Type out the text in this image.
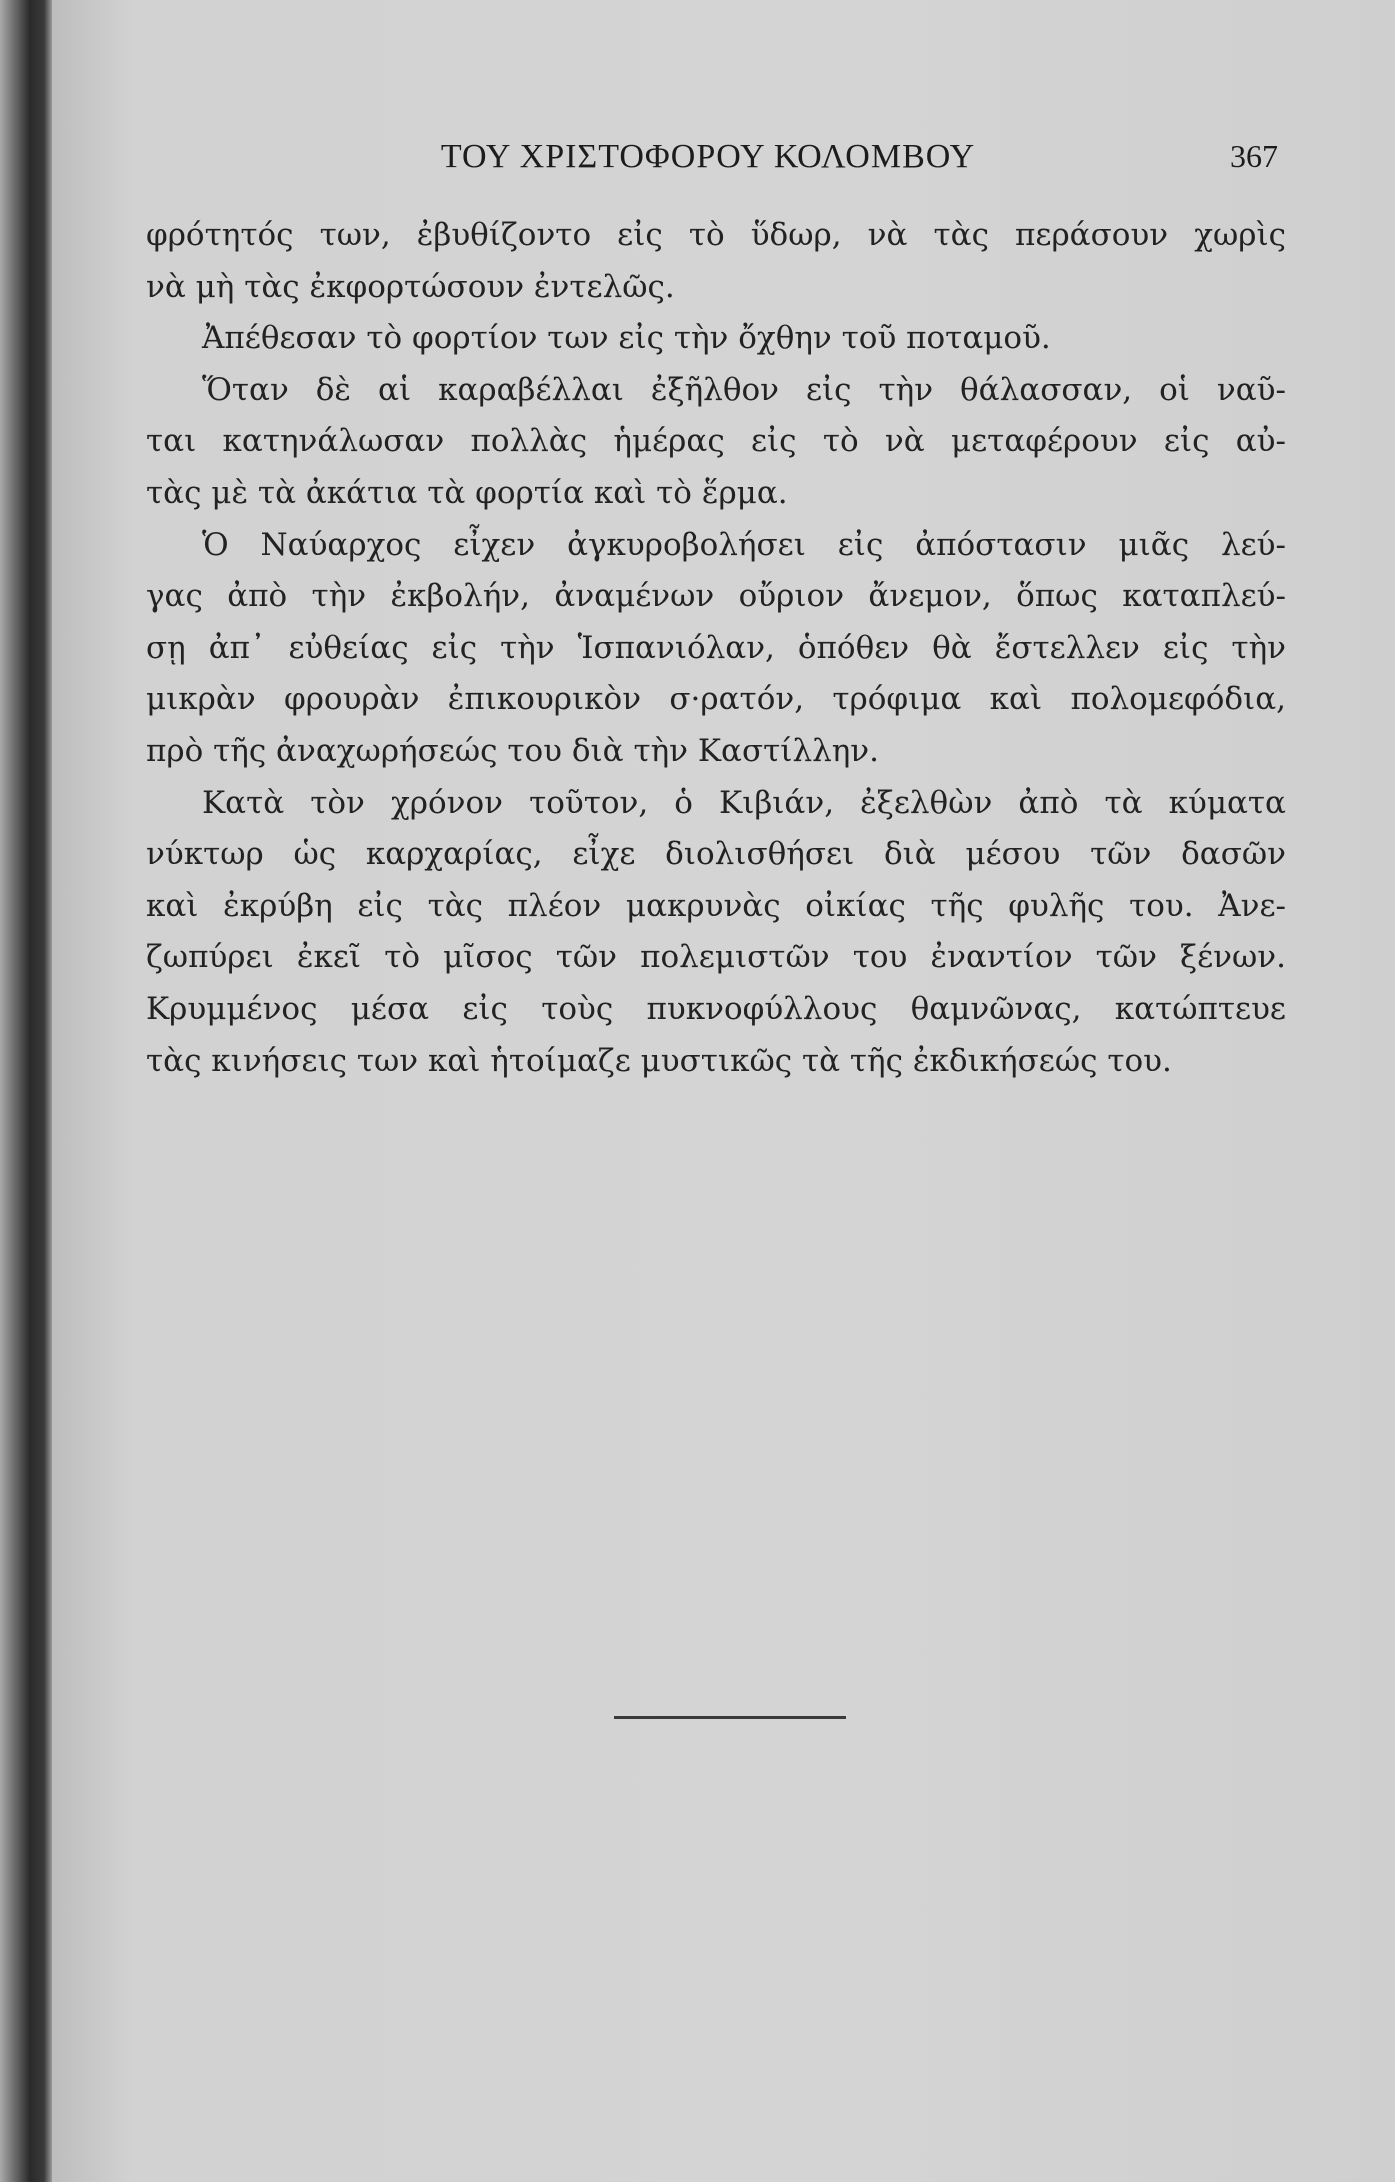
ΤΟΥ ΧΡΙΣΤΟΦΟΡΟΥ ΚΟΛΟΜΒΟΥ	367
φρότητός των, ἐβυθίζοντο εἰς τὸ ὕδωρ, νὰ τὰς περάσουν χωρὶς
νὰ μὴ τὰς ἐκφορτώσουν ἐντελῶς.
Ἀπέθεσαν τὸ φορτίον των εἰς τὴν ὄχθην τοῦ ποταμοῦ.
Ὅταν δὲ αἱ καραβέλλαι ἐξῆλθον εἰς τὴν θάλασσαν, οἱ ναῦ-
ται κατηνάλωσαν πολλὰς ἡμέρας εἰς τὸ νὰ μεταφέρουν εἰς αὐ-
τὰς μὲ τὰ ἀκάτια τὰ φορτία καὶ τὸ ἕρμα.
Ὁ Ναύαρχος εἶχεν ἀγκυροβολήσει εἰς ἀπόστασιν μιᾶς λεύ-
γας ἀπὸ τὴν ἐκβολήν, ἀναμένων οὔριον ἄνεμον, ὅπως καταπλεύ-
σῃ ἀπ᾽ εὐθείας εἰς τὴν Ἱσπανιόλαν, ὁπόθεν θὰ ἔστελλεν εἰς τὴν
μικρὰν φρουρὰν ἐπικουρικὸν σ·ρατόν, τρόφιμα καὶ πολομεφόδια,
πρὸ τῆς ἀναχωρήσεώς του διὰ τὴν Καστίλλην.
Κατὰ τὸν χρόνον τοῦτον, ὁ Κιβιάν, ἐξελθὼν ἀπὸ τὰ κύματα
νύκτωρ ὡς καρχαρίας, εἶχε διολισθήσει διὰ μέσου τῶν δασῶν
καὶ ἐκρύβη εἰς τὰς πλέον μακρυνὰς οἰκίας τῆς φυλῆς του. Ἀνε-
ζωπύρει ἐκεῖ τὸ μῖσος τῶν πολεμιστῶν του ἐναντίον τῶν ξένων.
Κρυμμένος μέσα εἰς τοὺς πυκνοφύλλους θαμνῶνας, κατώπτευε
τὰς κινήσεις των καὶ ἡτοίμαζε μυστικῶς τὰ τῆς ἐκδικήσεώς του.
